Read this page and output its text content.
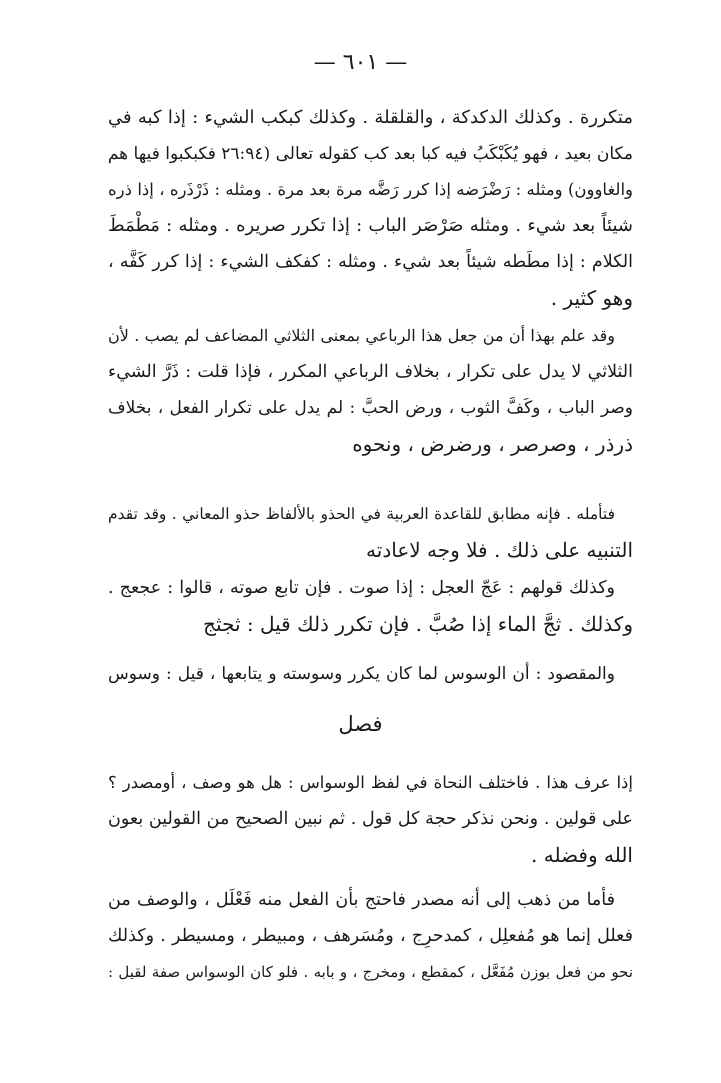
— ٦٠١ —
متكررة . وكذلك الدكدكة ، والقلقلة . وكذلك كبكب الشيء : إذا كبه في
مكان بعيد ، فهو يُكَبْكَبُ فيه كبا بعد كب كقوله تعالى (٢٦:٩٤ فكبكبوا فيها هم
والغاوون) ومثله : رَضْرَضه إذا كرر رَضَّه مرة بعد مرة . ومثله : ذَرْذَره ، إذا ذره
شيئاً بعد شيء . ومثله صَرْصَر الباب : إذا تكرر صريره . ومثله : مَطْمَطَ
الكلام : إذا مطَطه شيئاً بعد شيء . ومثله : كفكف الشيء : إذا كرر كَفَّه ،
وهو كثير .
وقد علم بهذا أن من جعل هذا الرباعي بمعنى الثلاثي المضاعف لم يصب . لأن
الثلاثي لا يدل على تكرار ، بخلاف الرباعي المكرر ، فإذا قلت : ذَرَّ الشيء
وصر الباب ، وكَفَّ الثوب ، ورض الحبَّ : لم يدل على تكرار الفعل ، بخلاف
ذرذر ، وصرصر ، ورضرض ، ونحوه
فتأمله . فإنه مطابق للقاعدة العربية في الحذو بالألفاظ حذو المعاني . وقد تقدم
التنبيه على ذلك . فلا وجه لاعادته
وكذلك قولهم : عَجّ العجل : إذا صوت . فإن تابع صوته ، قالوا : عجعج .
وكذلك . ثجَّ الماء إذا صُبَّ . فإن تكرر ذلك قيل : ثجثج
والمقصود : أن الوسوس لما كان يكرر وسوسته و يتابعها ، قيل : وسوس
فصل
إذا عرف هذا . فاختلف النحاة في لفظ الوسواس : هل هو وصف ، أومصدر ؟
على قولين . ونحن نذكر حجة كل قول . ثم نبين الصحيح من القولين بعون
الله وفضله .
فأما من ذهب إلى أنه مصدر فاحتج بأن الفعل منه فَعْلَل ، والوصف من
فعلل إنما هو مُفعلِل ، كمدحرِج ، ومُسَرهف ، ومبيطر ، ومسيطر . وكذلك
نحو من فعل بوزن مُفَعَّل ، كمقطع ، ومخرج ، و بابه . فلو كان الوسواس صفة لقيل :
